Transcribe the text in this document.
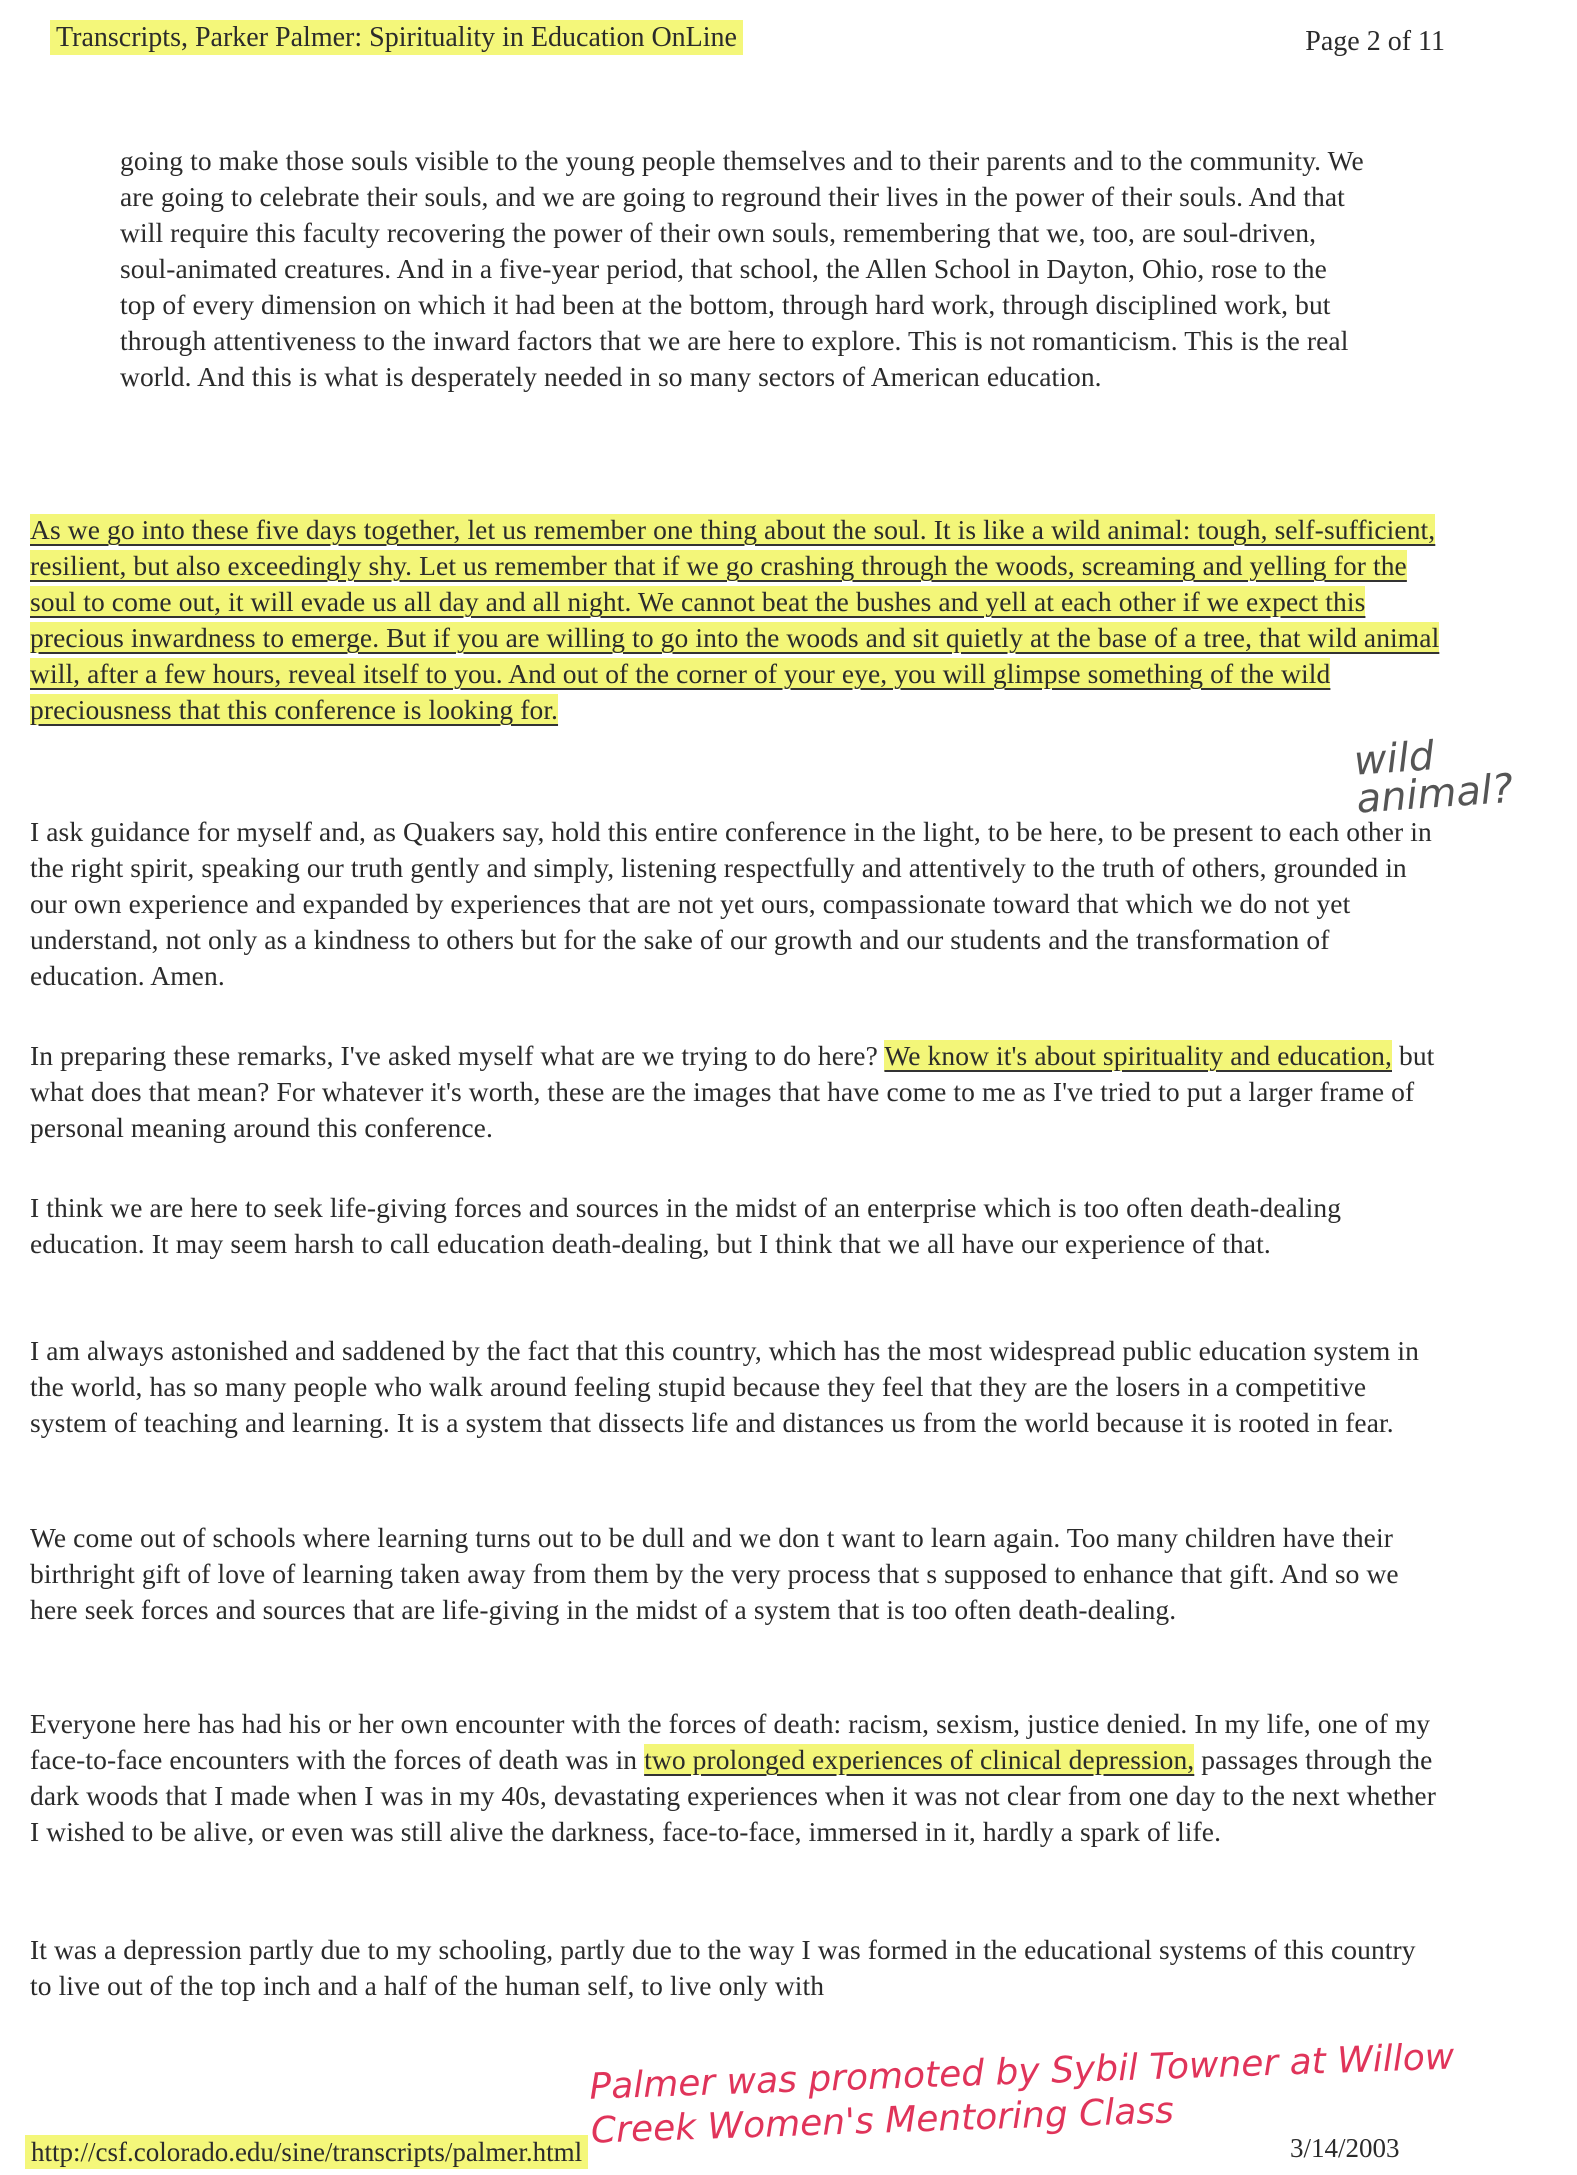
Transcripts, Parker Palmer: Spirituality in Education OnLine	Page 2 of 11

going to make those souls visible to the young people themselves and to their parents and to the community. We are going to celebrate their souls, and we are going to reground their lives in the power of their souls. And that will require this faculty recovering the power of their own souls, remembering that we, too, are soul-driven, soul-animated creatures. And in a five-year period, that school, the Allen School in Dayton, Ohio, rose to the top of every dimension on which it had been at the bottom, through hard work, through disciplined work, but through attentiveness to the inward factors that we are here to explore. This is not romanticism. This is the real world. And this is what is desperately needed in so many sectors of American education.

As we go into these five days together, let us remember one thing about the soul. It is like a wild animal: tough, self-sufficient, resilient, but also exceedingly shy. Let us remember that if we go crashing through the woods, screaming and yelling for the soul to come out, it will evade us all day and all night. We cannot beat the bushes and yell at each other if we expect this precious inwardness to emerge. But if you are willing to go into the woods and sit quietly at the base of a tree, that wild animal will, after a few hours, reveal itself to you. And out of the corner of your eye, you will glimpse something of the wild preciousness that this conference is looking for.

wild animal?

I ask guidance for myself and, as Quakers say, hold this entire conference in the light, to be here, to be present to each other in the right spirit, speaking our truth gently and simply, listening respectfully and attentively to the truth of others, grounded in our own experience and expanded by experiences that are not yet ours, compassionate toward that which we do not yet understand, not only as a kindness to others but for the sake of our growth and our students and the transformation of education. Amen.

In preparing these remarks, I've asked myself what are we trying to do here? We know it's about spirituality and education, but what does that mean? For whatever it's worth, these are the images that have come to me as I've tried to put a larger frame of personal meaning around this conference.

I think we are here to seek life-giving forces and sources in the midst of an enterprise which is too often death-dealing education. It may seem harsh to call education death-dealing, but I think that we all have our experience of that.

I am always astonished and saddened by the fact that this country, which has the most widespread public education system in the world, has so many people who walk around feeling stupid because they feel that they are the losers in a competitive system of teaching and learning. It is a system that dissects life and distances us from the world because it is rooted in fear.

We come out of schools where learning turns out to be dull and we don t want to learn again. Too many children have their birthright gift of love of learning taken away from them by the very process that s supposed to enhance that gift. And so we here seek forces and sources that are life-giving in the midst of a system that is too often death-dealing.

Everyone here has had his or her own encounter with the forces of death: racism, sexism, justice denied. In my life, one of my face-to-face encounters with the forces of death was in two prolonged experiences of clinical depression, passages through the dark woods that I made when I was in my 40s, devastating experiences when it was not clear from one day to the next whether I wished to be alive, or even was still alive the darkness, face-to-face, immersed in it, hardly a spark of life.

It was a depression partly due to my schooling, partly due to the way I was formed in the educational systems of this country to live out of the top inch and a half of the human self, to live only with

Palmer was promoted by Sybil Towner at Willow Creek Women's Mentoring Class
http://csf.colorado.edu/sine/transcripts/palmer.html	3/14/2003
